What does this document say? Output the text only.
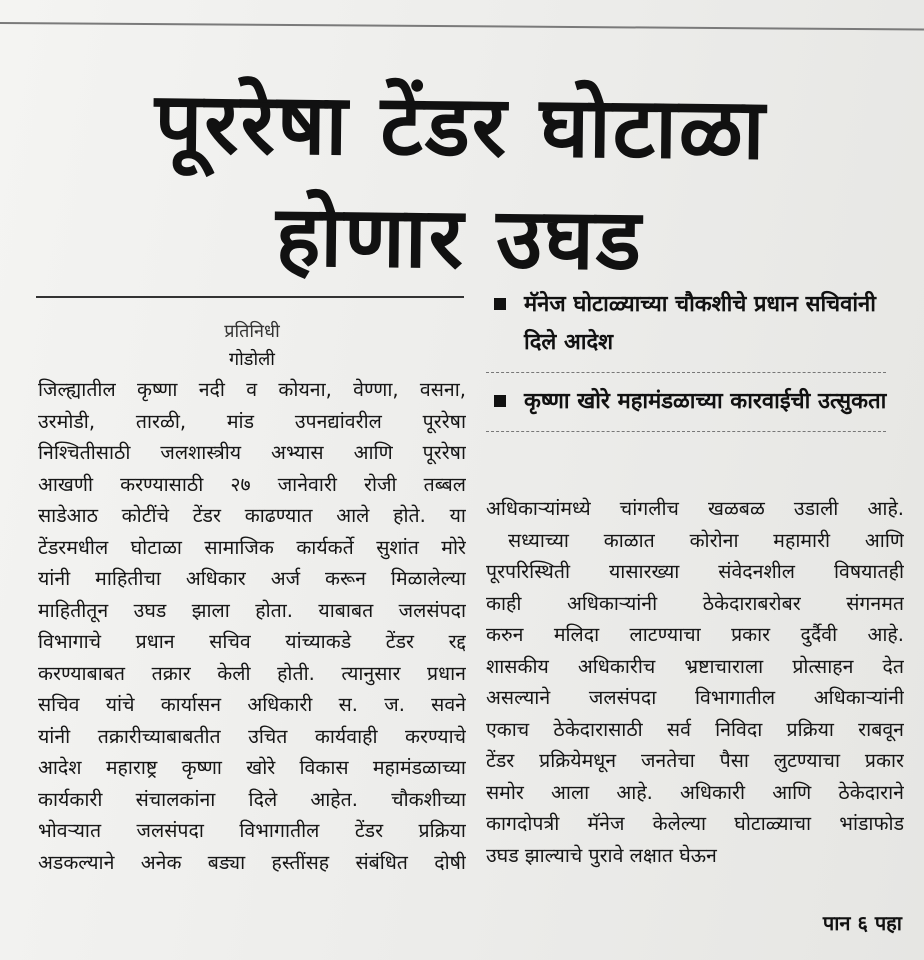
पूररेषा टेंडर घोटाळा
होणार उघड
प्रतिनिधी
गोडोली
जिल्ह्यातील कृष्णा नदी व कोयना, वेण्णा, वसना,
उरमोडी, तारळी, मांड उपनद्यांवरील पूररेषा
निश्चितीसाठी जलशास्त्रीय अभ्यास आणि पूररेषा
आखणी करण्यासाठी २७ जानेवारी रोजी तब्बल
साडेआठ कोटींचे टेंडर काढण्यात आले होते. या
टेंडरमधील घोटाळा सामाजिक कार्यकर्ते सुशांत मोरे
यांनी माहितीचा अधिकार अर्ज करून मिळालेल्या
माहितीतून उघड झाला होता. याबाबत जलसंपदा
विभागाचे प्रधान सचिव यांच्याकडे टेंडर रद्द
करण्याबाबत तक्रार केली होती. त्यानुसार प्रधान
सचिव यांचे कार्यासन अधिकारी स. ज. सवने
यांनी तक्रारीच्याबाबतीत उचित कार्यवाही करण्याचे
आदेश महाराष्ट्र कृष्णा खोरे विकास महामंडळाच्या
कार्यकारी संचालकांना दिले आहेत. चौकशीच्या
भोवऱ्यात जलसंपदा विभागातील टेंडर प्रक्रिया
अडकल्याने अनेक बड्या हस्तींसह संबंधित दोषी
मॅनेज घोटाळ्याच्या चौकशीचे प्रधान सचिवांनी दिले आदेश
कृष्णा खोरे महामंडळाच्या कारवाईची उत्सुकता
अधिकाऱ्यांमध्ये चांगलीच खळबळ उडाली आहे.
सध्याच्या काळात कोरोना महामारी आणि
पूरपरिस्थिती यासारख्या संवेदनशील विषयातही
काही अधिकाऱ्यांनी ठेकेदाराबरोबर संगनमत
करुन मलिदा लाटण्याचा प्रकार दुर्दैवी आहे.
शासकीय अधिकारीच भ्रष्टाचाराला प्रोत्साहन देत
असल्याने जलसंपदा विभागातील अधिकाऱ्यांनी
एकाच ठेकेदारासाठी सर्व निविदा प्रक्रिया राबवून
टेंडर प्रक्रियेमधून जनतेचा पैसा लुटण्याचा प्रकार
समोर आला आहे. अधिकारी आणि ठेकेदाराने
कागदोपत्री मॅनेज केलेल्या घोटाळ्याचा भांडाफोड
उघड झाल्याचे पुरावे लक्षात घेऊन
पान ६ पहा
